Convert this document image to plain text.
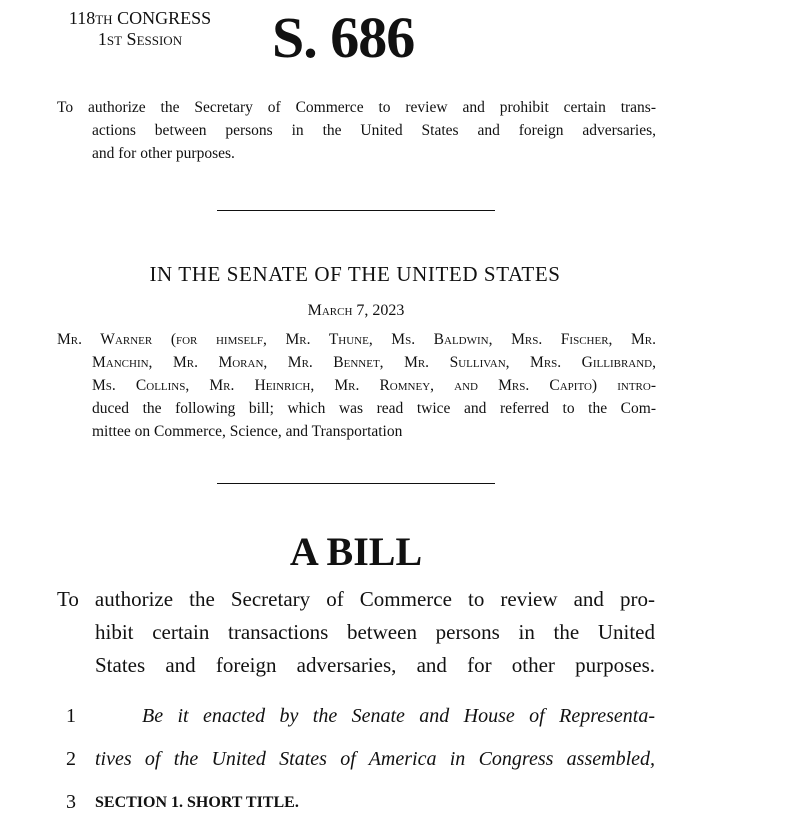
118th CONGRESS
1st Session	S. 686
To authorize the Secretary of Commerce to review and prohibit certain trans-
actions between persons in the United States and foreign adversaries,
and for other purposes.
IN THE SENATE OF THE UNITED STATES
March 7, 2023
Mr. Warner (for himself, Mr. Thune, Ms. Baldwin, Mrs. Fischer, Mr.
Manchin, Mr. Moran, Mr. Bennet, Mr. Sullivan, Mrs. Gillibrand,
Ms. Collins, Mr. Heinrich, Mr. Romney, and Mrs. Capito) intro-
duced the following bill; which was read twice and referred to the Com-
mittee on Commerce, Science, and Transportation
A BILL
To authorize the Secretary of Commerce to review and pro-
hibit certain transactions between persons in the United
States and foreign adversaries, and for other purposes.
1	Be it enacted by the Senate and House of Representa-
2 tives of the United States of America in Congress assembled,
3 SECTION 1. SHORT TITLE.
